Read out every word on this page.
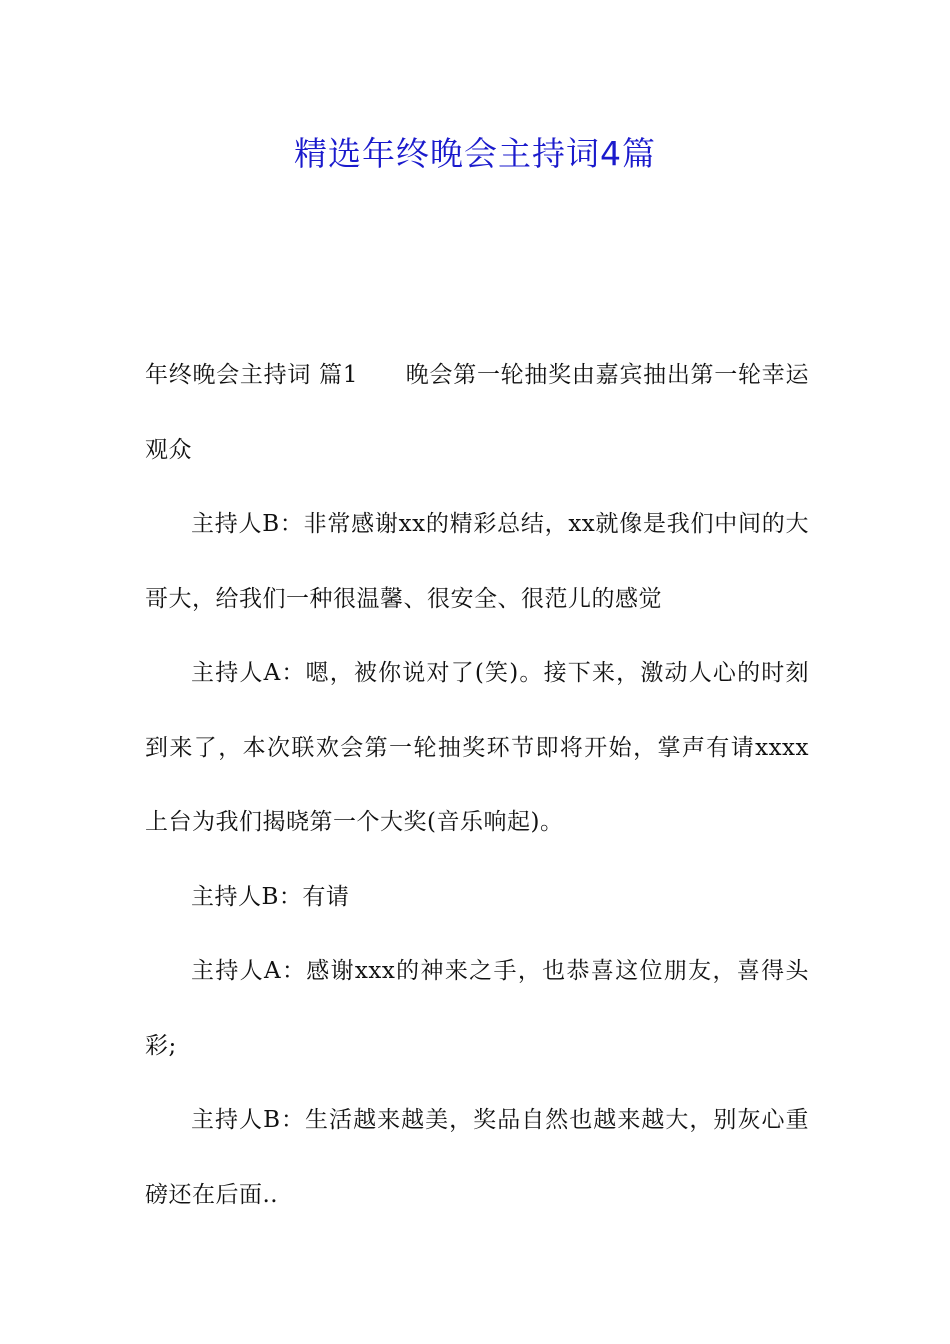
精选年终晚会主持词4篇

年终晚会主持词 篇1　　晚会第一轮抽奖由嘉宾抽出第一轮幸运观众

主持人B：非常感谢xx的精彩总结，xx就像是我们中间的大哥大，给我们一种很温馨、很安全、很范儿的感觉

主持人A：嗯，被你说对了(笑)。接下来，激动人心的时刻到来了，本次联欢会第一轮抽奖环节即将开始，掌声有请xxxx上台为我们揭晓第一个大奖(音乐响起)。

主持人B：有请

主持人A：感谢xxx的神来之手，也恭喜这位朋友，喜得头彩;

主持人B：生活越来越美，奖品自然也越来越大，别灰心重磅还在后面..
